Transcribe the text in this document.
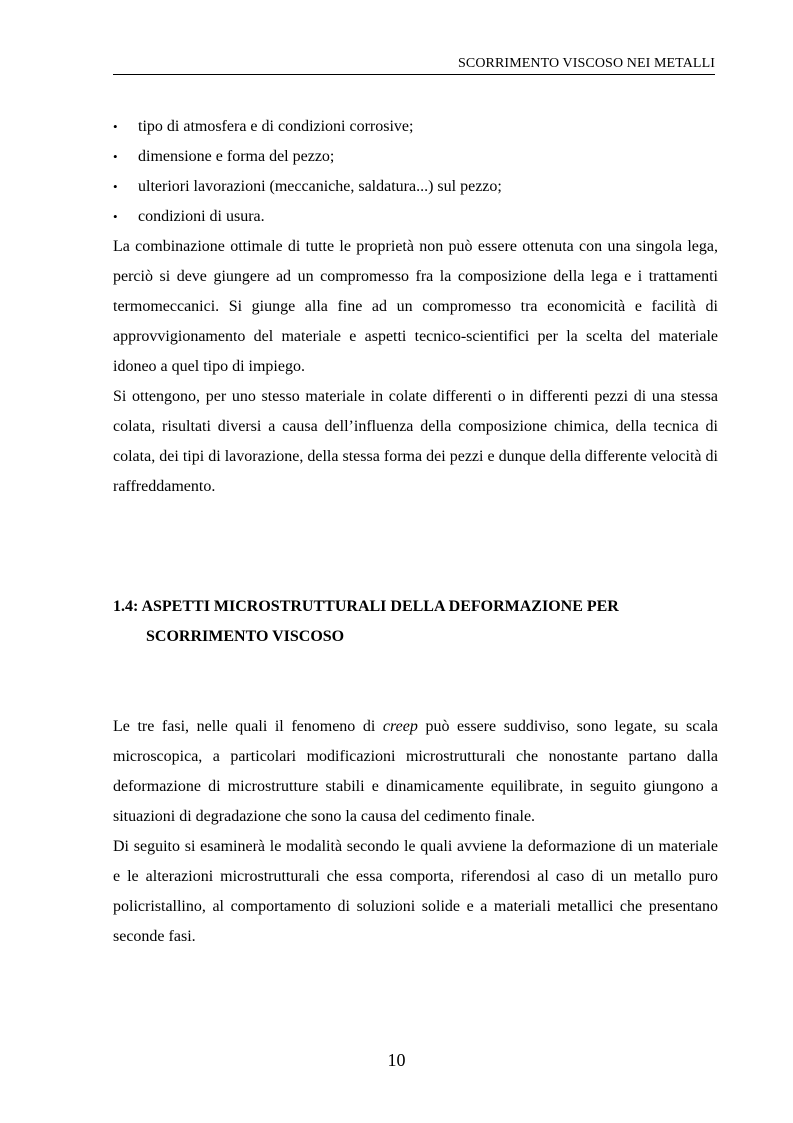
SCORRIMENTO VISCOSO NEI METALLI
• tipo di atmosfera e di condizioni corrosive;
• dimensione e forma del pezzo;
• ulteriori lavorazioni (meccaniche, saldatura...) sul pezzo;
• condizioni di usura.

La combinazione ottimale di tutte le proprietà non può essere ottenuta con una singola lega, perciò si deve giungere ad un compromesso fra la composizione della lega e i trattamenti termomeccanici. Si giunge alla fine ad un compromesso tra economicità e facilità di approvvigionamento del materiale e aspetti tecnico-scientifici per la scelta del materiale idoneo a quel tipo di impiego.

Si ottengono, per uno stesso materiale in colate differenti o in differenti pezzi di una stessa colata, risultati diversi a causa dell’influenza della composizione chimica, della tecnica di colata, dei tipi di lavorazione, della stessa forma dei pezzi e dunque della differente velocità di raffreddamento.

1.4: ASPETTI MICROSTRUTTURALI DELLA DEFORMAZIONE PER
SCORRIMENTO VISCOSO

Le tre fasi, nelle quali il fenomeno di creep può essere suddiviso, sono legate, su scala microscopica, a particolari modificazioni microstrutturali che nonostante partano dalla deformazione di microstrutture stabili e dinamicamente equilibrate, in seguito giungono a situazioni di degradazione che sono la causa del cedimento finale.

Di seguito si esaminerà le modalità secondo le quali avviene la deformazione di un materiale e le alterazioni microstrutturali che essa comporta, riferendosi al caso di un metallo puro policristallino, al comportamento di soluzioni solide e a materiali metallici che presentano seconde fasi.

10
